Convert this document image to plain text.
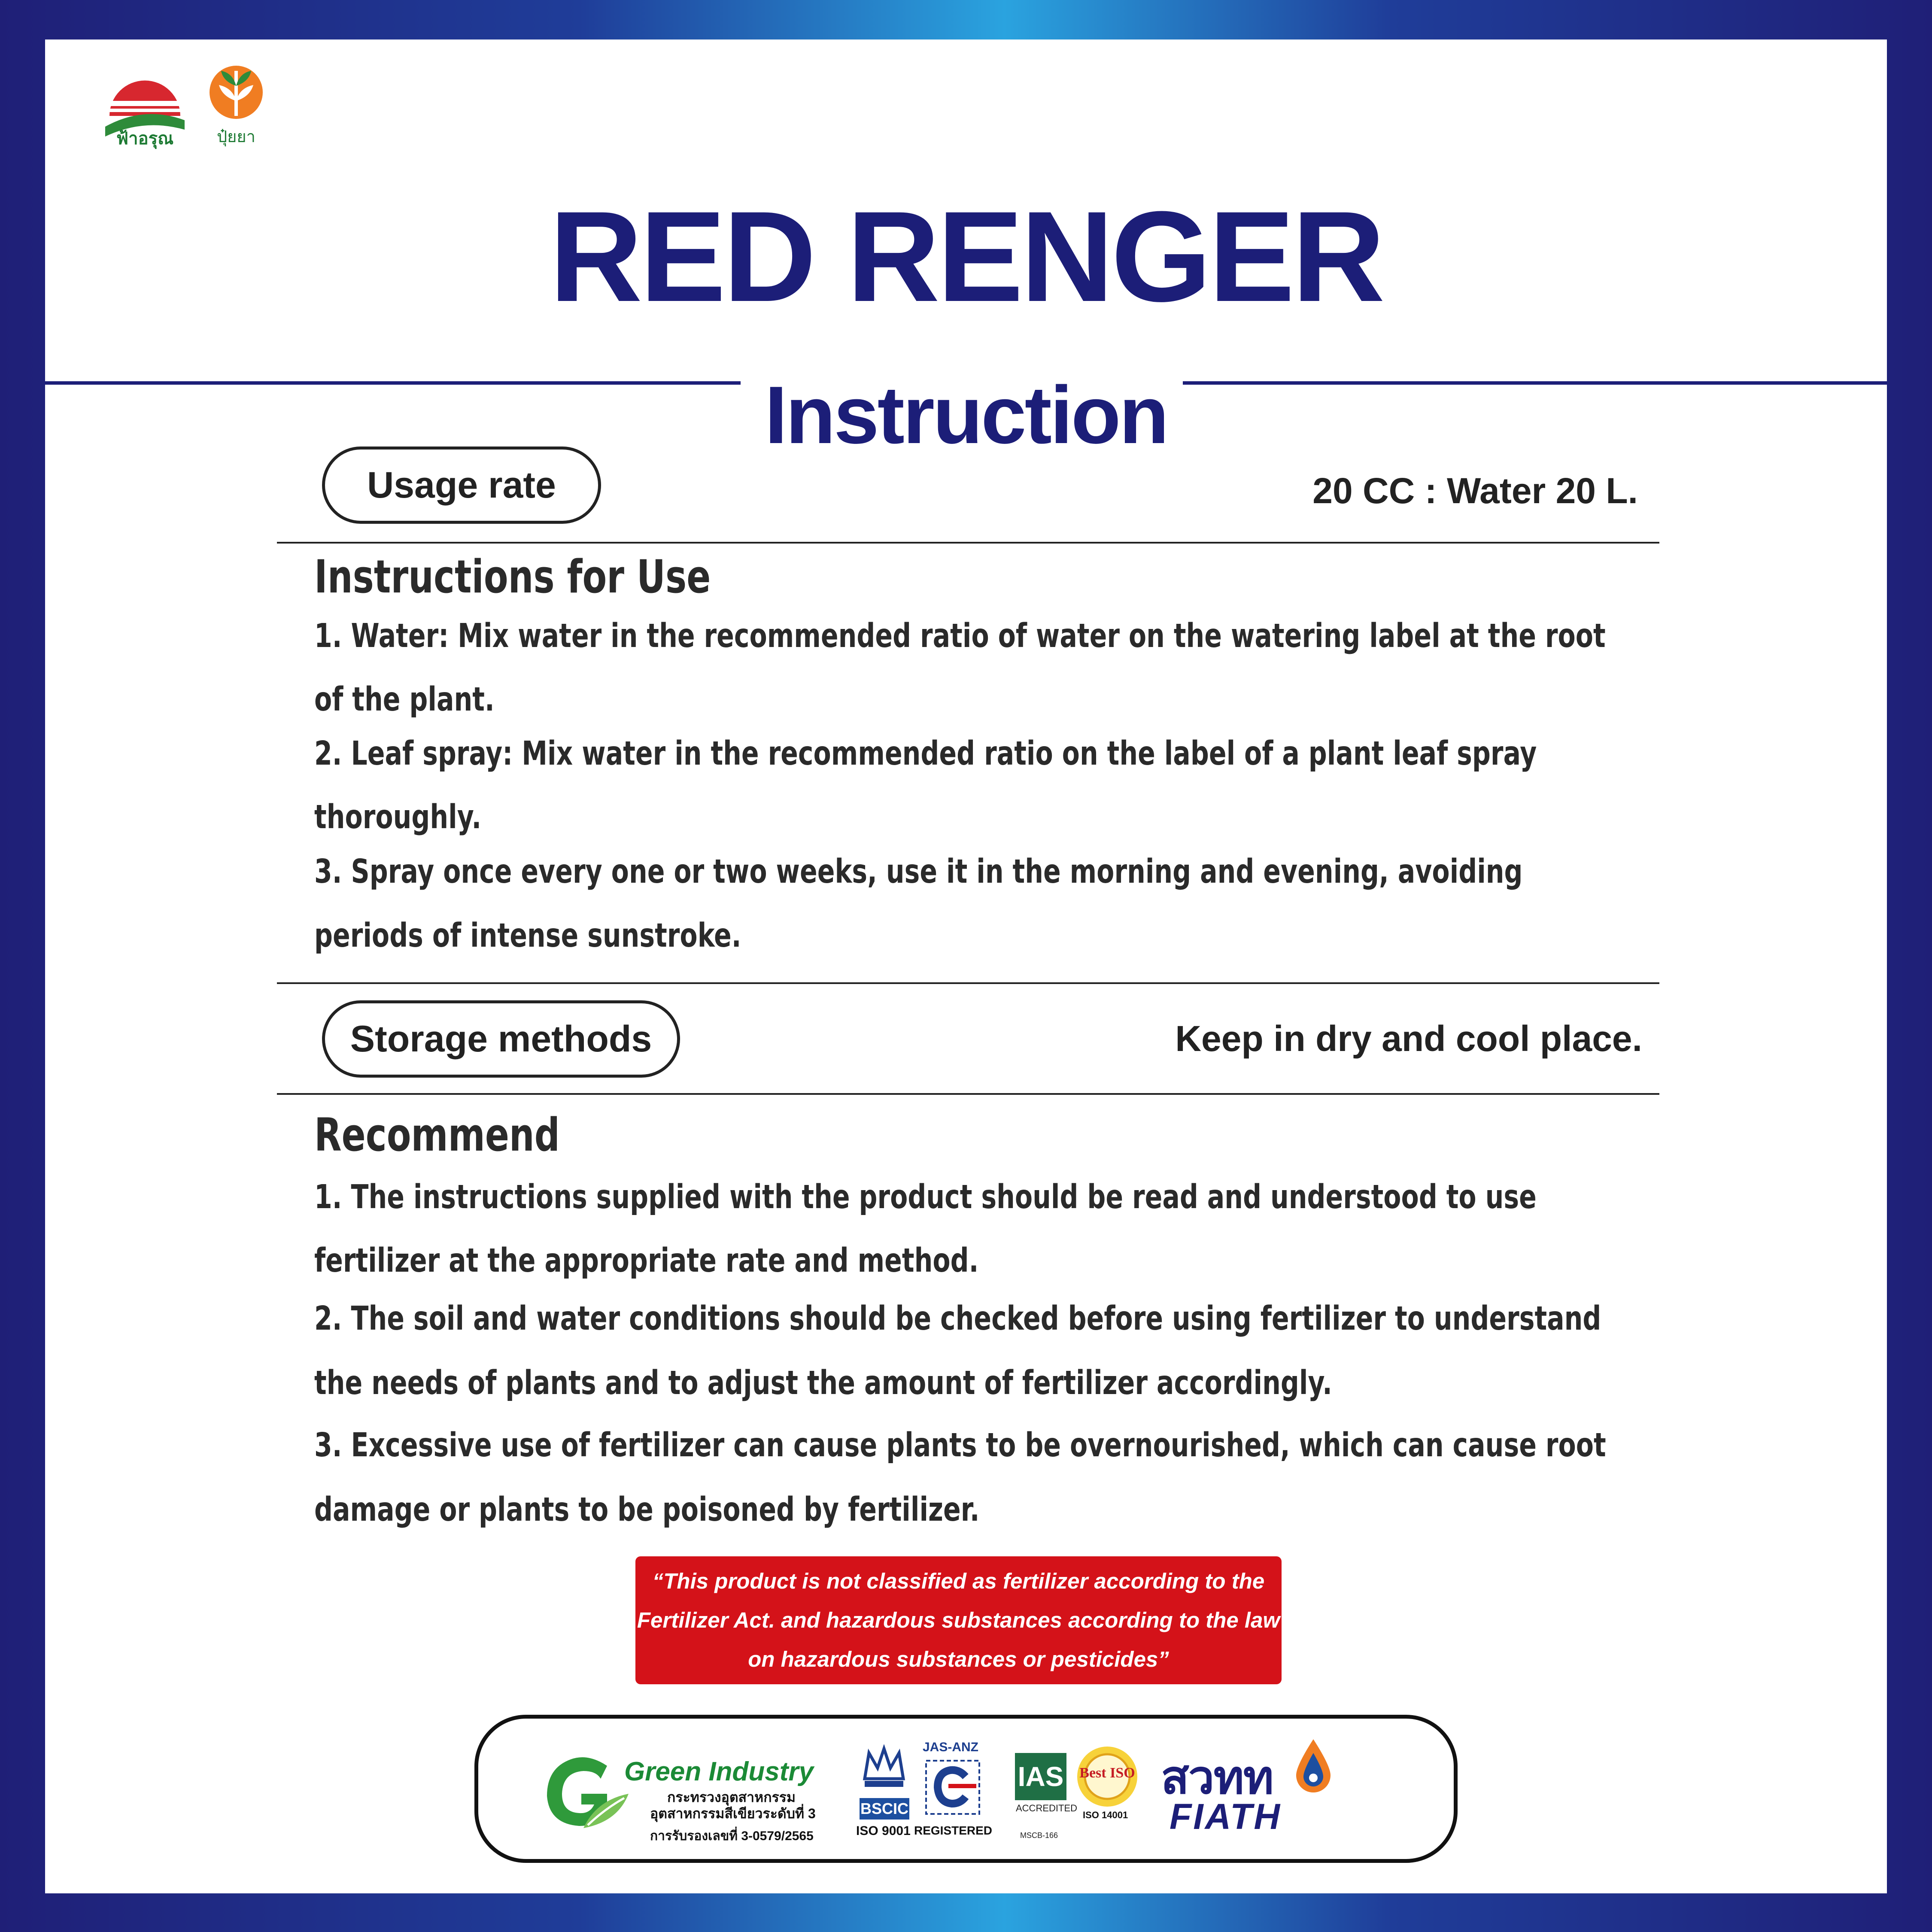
ฟ้าอรุณ	ปุ๋ยยา
RED RENGER
Instruction
Usage rate	20 CC : Water 20 L.
Instructions for Use
1. Water: Mix water in the recommended ratio of water on the watering label at the root
of the plant.
2. Leaf spray: Mix water in the recommended ratio on the label of a plant leaf spray
thoroughly.
3. Spray once every one or two weeks, use it in the morning and evening, avoiding
periods of intense sunstroke.
Storage methods	Keep in dry and cool place.
Recommend
1. The instructions supplied with the product should be read and understood to use
fertilizer at the appropriate rate and method.
2. The soil and water conditions should be checked before using fertilizer to understand
the needs of plants and to adjust the amount of fertilizer accordingly.
3. Excessive use of fertilizer can cause plants to be overnourished, which can cause root
damage or plants to be poisoned by fertilizer.
“This product is not classified as fertilizer according to the
Fertilizer Act. and hazardous substances according to the law
on hazardous substances or pesticides”
Green Industry
กระทรวงอุตสาหกรรม
อุตสาหกรรมสีเขียวระดับที่ 3
การรับรองเลขที่ 3-0579/2565
BSCIC
ISO 9001
JAS-ANZ
REGISTERED
IAS
ACCREDITED
MSCB-166
Best ISO
ISO 14001
สวทท
FIATH
